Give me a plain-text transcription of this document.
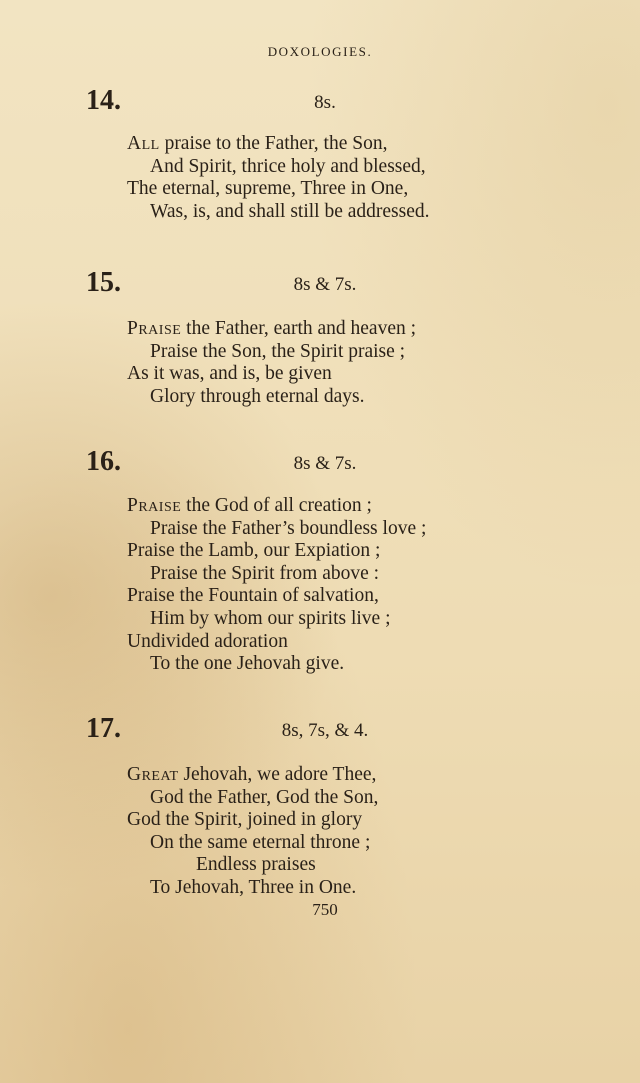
DOXOLOGIES.
14.	8s.
All praise to the Father, the Son,
And Spirit, thrice holy and blessed,
The eternal, supreme, Three in One,
Was, is, and shall still be addressed.
15.	8s & 7s.
Praise the Father, earth and heaven ;
Praise the Son, the Spirit praise ;
As it was, and is, be given
Glory through eternal days.
16.	8s & 7s.
Praise the God of all creation ;
Praise the Father’s boundless love ;
Praise the Lamb, our Expiation ;
Praise the Spirit from above :
Praise the Fountain of salvation,
Him by whom our spirits live ;
Undivided adoration
To the one Jehovah give.
17.	8s, 7s, & 4.
Great Jehovah, we adore Thee,
God the Father, God the Son,
God the Spirit, joined in glory
On the same eternal throne ;
Endless praises
To Jehovah, Three in One.
750
